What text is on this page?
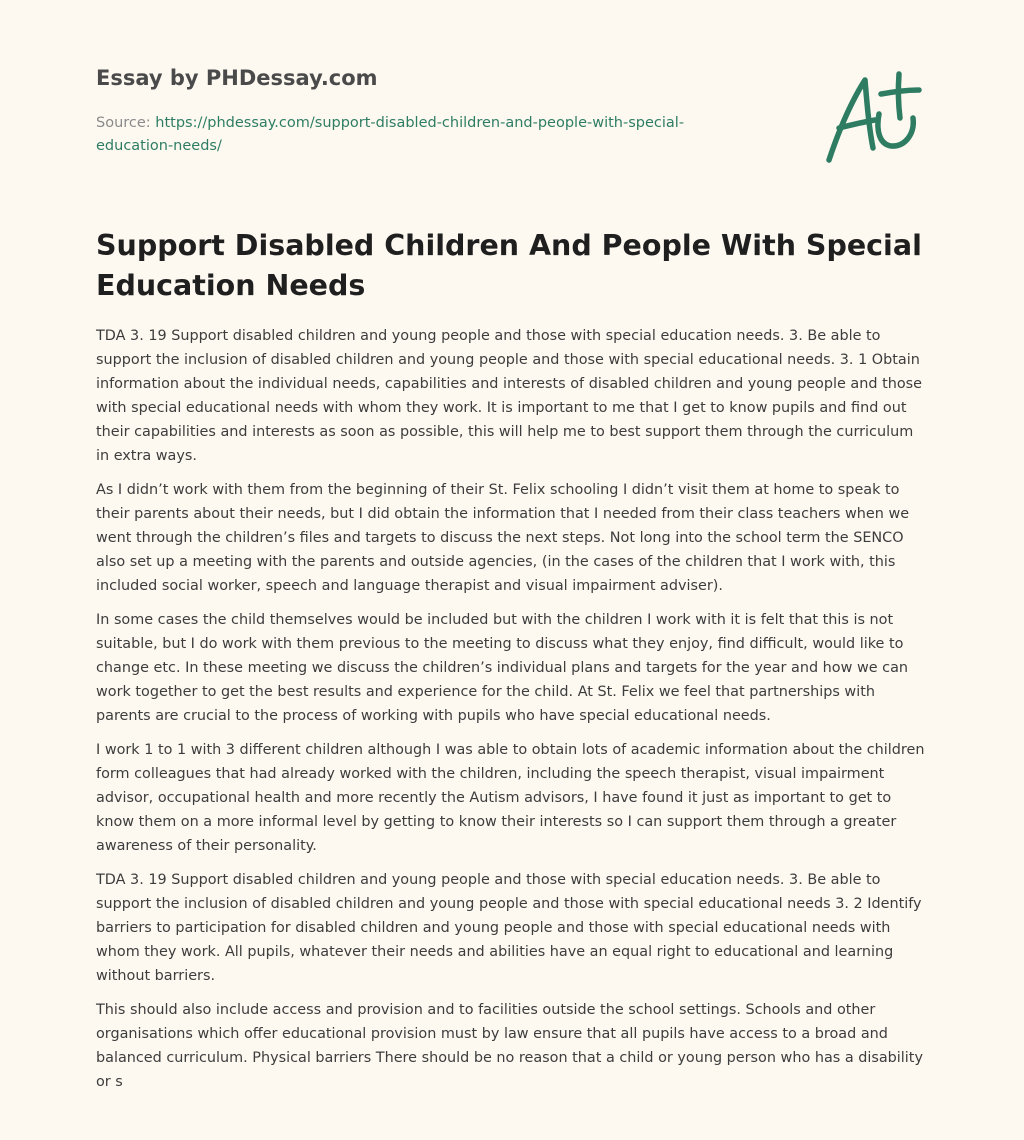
Essay by PHDessay.com
Source: https://phdessay.com/support-disabled-children-and-people-with-special-education-needs/
Support Disabled Children And People With Special Education Needs

TDA 3. 19 Support disabled children and young people and those with special education needs. 3. Be able to support the inclusion of disabled children and young people and those with special educational needs. 3. 1 Obtain information about the individual needs, capabilities and interests of disabled children and young people and those with special educational needs with whom they work. It is important to me that I get to know pupils and find out their capabilities and interests as soon as possible, this will help me to best support them through the curriculum in extra ways.

As I didn’t work with them from the beginning of their St. Felix schooling I didn’t visit them at home to speak to their parents about their needs, but I did obtain the information that I needed from their class teachers when we went through the children’s files and targets to discuss the next steps. Not long into the school term the SENCO also set up a meeting with the parents and outside agencies, (in the cases of the children that I work with, this included social worker, speech and language therapist and visual impairment adviser).

In some cases the child themselves would be included but with the children I work with it is felt that this is not suitable, but I do work with them previous to the meeting to discuss what they enjoy, find difficult, would like to change etc. In these meeting we discuss the children’s individual plans and targets for the year and how we can work together to get the best results and experience for the child. At St. Felix we feel that partnerships with parents are crucial to the process of working with pupils who have special educational needs.

I work 1 to 1 with 3 different children although I was able to obtain lots of academic information about the children form colleagues that had already worked with the children, including the speech therapist, visual impairment advisor, occupational health and more recently the Autism advisors, I have found it just as important to get to know them on a more informal level by getting to know their interests so I can support them through a greater awareness of their personality.

TDA 3. 19 Support disabled children and young people and those with special education needs. 3. Be able to support the inclusion of disabled children and young people and those with special educational needs 3. 2 Identify barriers to participation for disabled children and young people and those with special educational needs with whom they work. All pupils, whatever their needs and abilities have an equal right to educational and learning without barriers.

This should also include access and provision and to facilities outside the school settings. Schools and other organisations which offer educational provision must by law ensure that all pupils have access to a broad and balanced curriculum. Physical barriers There should be no reason that a child or young person who has a disability or s
